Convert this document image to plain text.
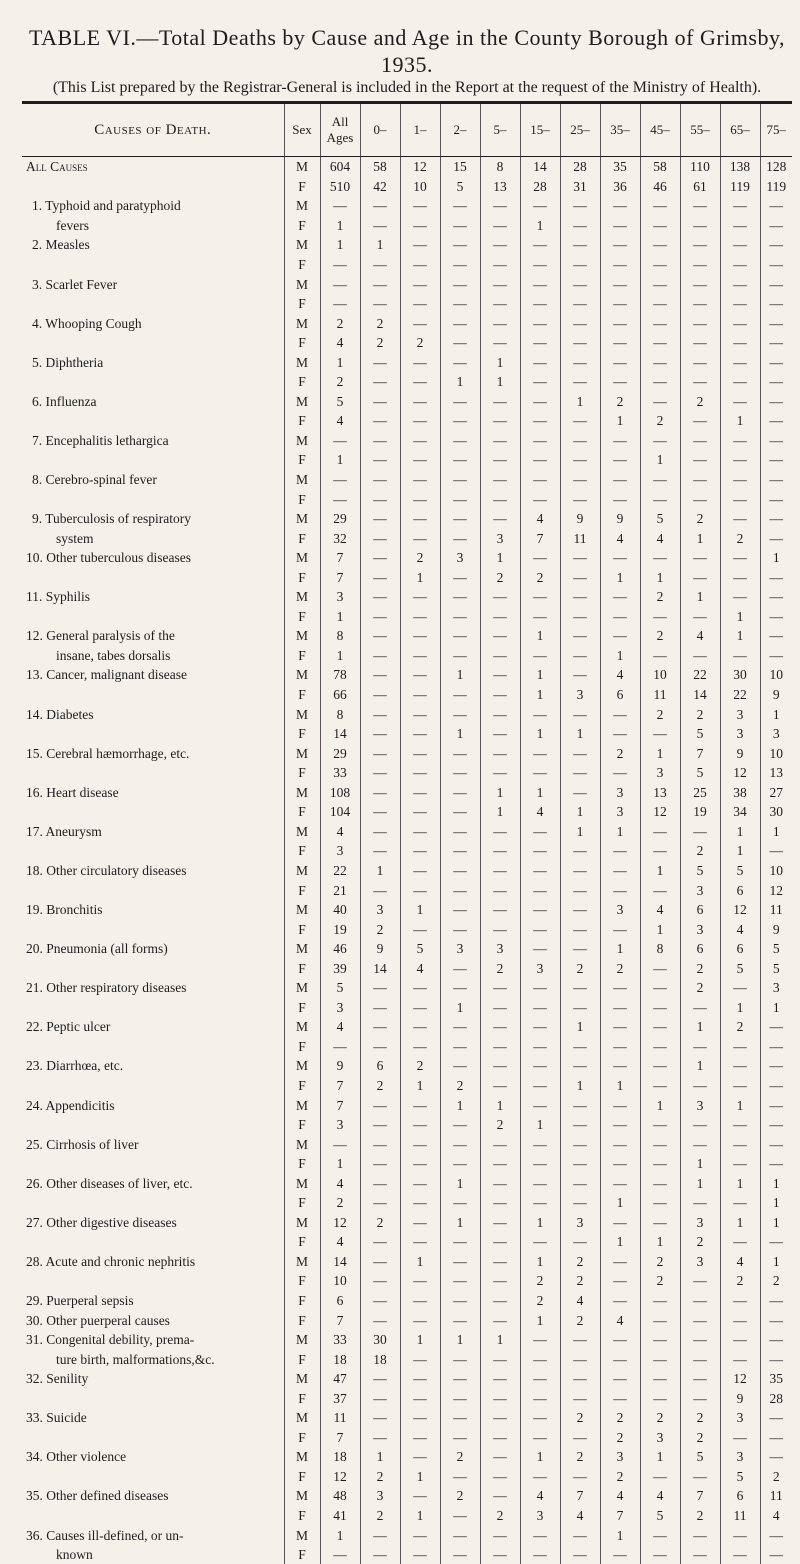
TABLE VI.—Total Deaths by Cause and Age in the County Borough of Grimsby, 1935.
(This List prepared by the Registrar-General is included in the Report at the request of the Ministry of Health).
Causes of Death.	Sex	All Ages	0–	1–	2–	5–	15–	25–	35–	45–	55–	65–	75–
All Causes	M	604	58	12	15	8	14	28	35	58	110	138	128
	F	510	42	10	5	13	28	31	36	46	61	119	119
1. Typhoid and paratyphoid	M	—	—	—	—	—	—	—	—	—	—	—	—
fevers	F	1	—	—	—	—	1	—	—	—	—	—	—
2. Measles	M	1	1	—	—	—	—	—	—	—	—	—	—
	F	—	—	—	—	—	—	—	—	—	—	—	—
3. Scarlet Fever	M	—	—	—	—	—	—	—	—	—	—	—	—
	F	—	—	—	—	—	—	—	—	—	—	—	—
4. Whooping Cough	M	2	2	—	—	—	—	—	—	—	—	—	—
	F	4	2	2	—	—	—	—	—	—	—	—	—
5. Diphtheria	M	1	—	—	—	1	—	—	—	—	—	—	—
	F	2	—	—	1	1	—	—	—	—	—	—	—
6. Influenza	M	5	—	—	—	—	—	1	2	—	2	—	—
	F	4	—	—	—	—	—	—	1	2	—	1	—
7. Encephalitis lethargica	M	—	—	—	—	—	—	—	—	—	—	—	—
	F	1	—	—	—	—	—	—	—	1	—	—	—
8. Cerebro-spinal fever	M	—	—	—	—	—	—	—	—	—	—	—	—
	F	—	—	—	—	—	—	—	—	—	—	—	—
9. Tuberculosis of respiratory	M	29	—	—	—	—	4	9	9	5	2	—	—
system	F	32	—	—	—	3	7	11	4	4	1	2	—
10. Other tuberculous diseases	M	7	—	2	3	1	—	—	—	—	—	—	1
	F	7	—	1	—	2	2	—	1	1	—	—	—
11. Syphilis	M	3	—	—	—	—	—	—	—	2	1	—	—
	F	1	—	—	—	—	—	—	—	—	—	1	—
12. General paralysis of the	M	8	—	—	—	—	1	—	—	2	4	1	—
insane, tabes dorsalis	F	1	—	—	—	—	—	—	1	—	—	—	—
13. Cancer, malignant disease	M	78	—	—	1	—	1	—	4	10	22	30	10
	F	66	—	—	—	—	1	3	6	11	14	22	9
14. Diabetes	M	8	—	—	—	—	—	—	—	2	2	3	1
	F	14	—	—	1	—	1	1	—	—	5	3	3
15. Cerebral hæmorrhage, etc.	M	29	—	—	—	—	—	—	2	1	7	9	10
	F	33	—	—	—	—	—	—	—	3	5	12	13
16. Heart disease	M	108	—	—	—	1	1	—	3	13	25	38	27
	F	104	—	—	—	1	4	1	3	12	19	34	30
17. Aneurysm	M	4	—	—	—	—	—	1	1	—	—	1	1
	F	3	—	—	—	—	—	—	—	—	2	1	—
18. Other circulatory diseases	M	22	1	—	—	—	—	—	—	1	5	5	10
	F	21	—	—	—	—	—	—	—	—	3	6	12
19. Bronchitis	M	40	3	1	—	—	—	—	3	4	6	12	11
	F	19	2	—	—	—	—	—	—	1	3	4	9
20. Pneumonia (all forms)	M	46	9	5	3	3	—	—	1	8	6	6	5
	F	39	14	4	—	2	3	2	2	—	2	5	5
21. Other respiratory diseases	M	5	—	—	—	—	—	—	—	—	2	—	3
	F	3	—	—	1	—	—	—	—	—	—	1	1
22. Peptic ulcer	M	4	—	—	—	—	—	1	—	—	1	2	—
	F	—	—	—	—	—	—	—	—	—	—	—	—
23. Diarrhœa, etc.	M	9	6	2	—	—	—	—	—	—	1	—	—
	F	7	2	1	2	—	—	1	1	—	—	—	—
24. Appendicitis	M	7	—	—	1	1	—	—	—	1	3	1	—
	F	3	—	—	—	2	1	—	—	—	—	—	—
25. Cirrhosis of liver	M	—	—	—	—	—	—	—	—	—	—	—	—
	F	1	—	—	—	—	—	—	—	—	1	—	—
26. Other diseases of liver, etc.	M	4	—	—	1	—	—	—	—	—	1	1	1
	F	2	—	—	—	—	—	—	1	—	—	—	1
27. Other digestive diseases	M	12	2	—	1	—	1	3	—	—	3	1	1
	F	4	—	—	—	—	—	—	1	1	2	—	—
28. Acute and chronic nephritis	M	14	—	1	—	—	1	2	—	2	3	4	1
	F	10	—	—	—	—	2	2	—	2	—	2	2
29. Puerperal sepsis	F	6	—	—	—	—	2	4	—	—	—	—	—
30. Other puerperal causes	F	7	—	—	—	—	1	2	4	—	—	—	—
31. Congenital debility, prema-	M	33	30	1	1	1	—	—	—	—	—	—	—
ture birth, malformations,&c.	F	18	18	—	—	—	—	—	—	—	—	—	—
32. Senility	M	47	—	—	—	—	—	—	—	—	—	12	35
	F	37	—	—	—	—	—	—	—	—	—	9	28
33. Suicide	M	11	—	—	—	—	—	2	2	2	2	3	—
	F	7	—	—	—	—	—	—	2	3	2	—	—
34. Other violence	M	18	1	—	2	—	1	2	3	1	5	3	—
	F	12	2	1	—	—	—	—	2	—	—	5	2
35. Other defined diseases	M	48	3	—	2	—	4	7	4	4	7	6	11
	F	41	2	1	—	2	3	4	7	5	2	11	4
36. Causes ill-defined, or un-	M	1	—	—	—	—	—	—	1	—	—	—	—
known	F	—	—	—	—	—	—	—	—	—	—	—	—
